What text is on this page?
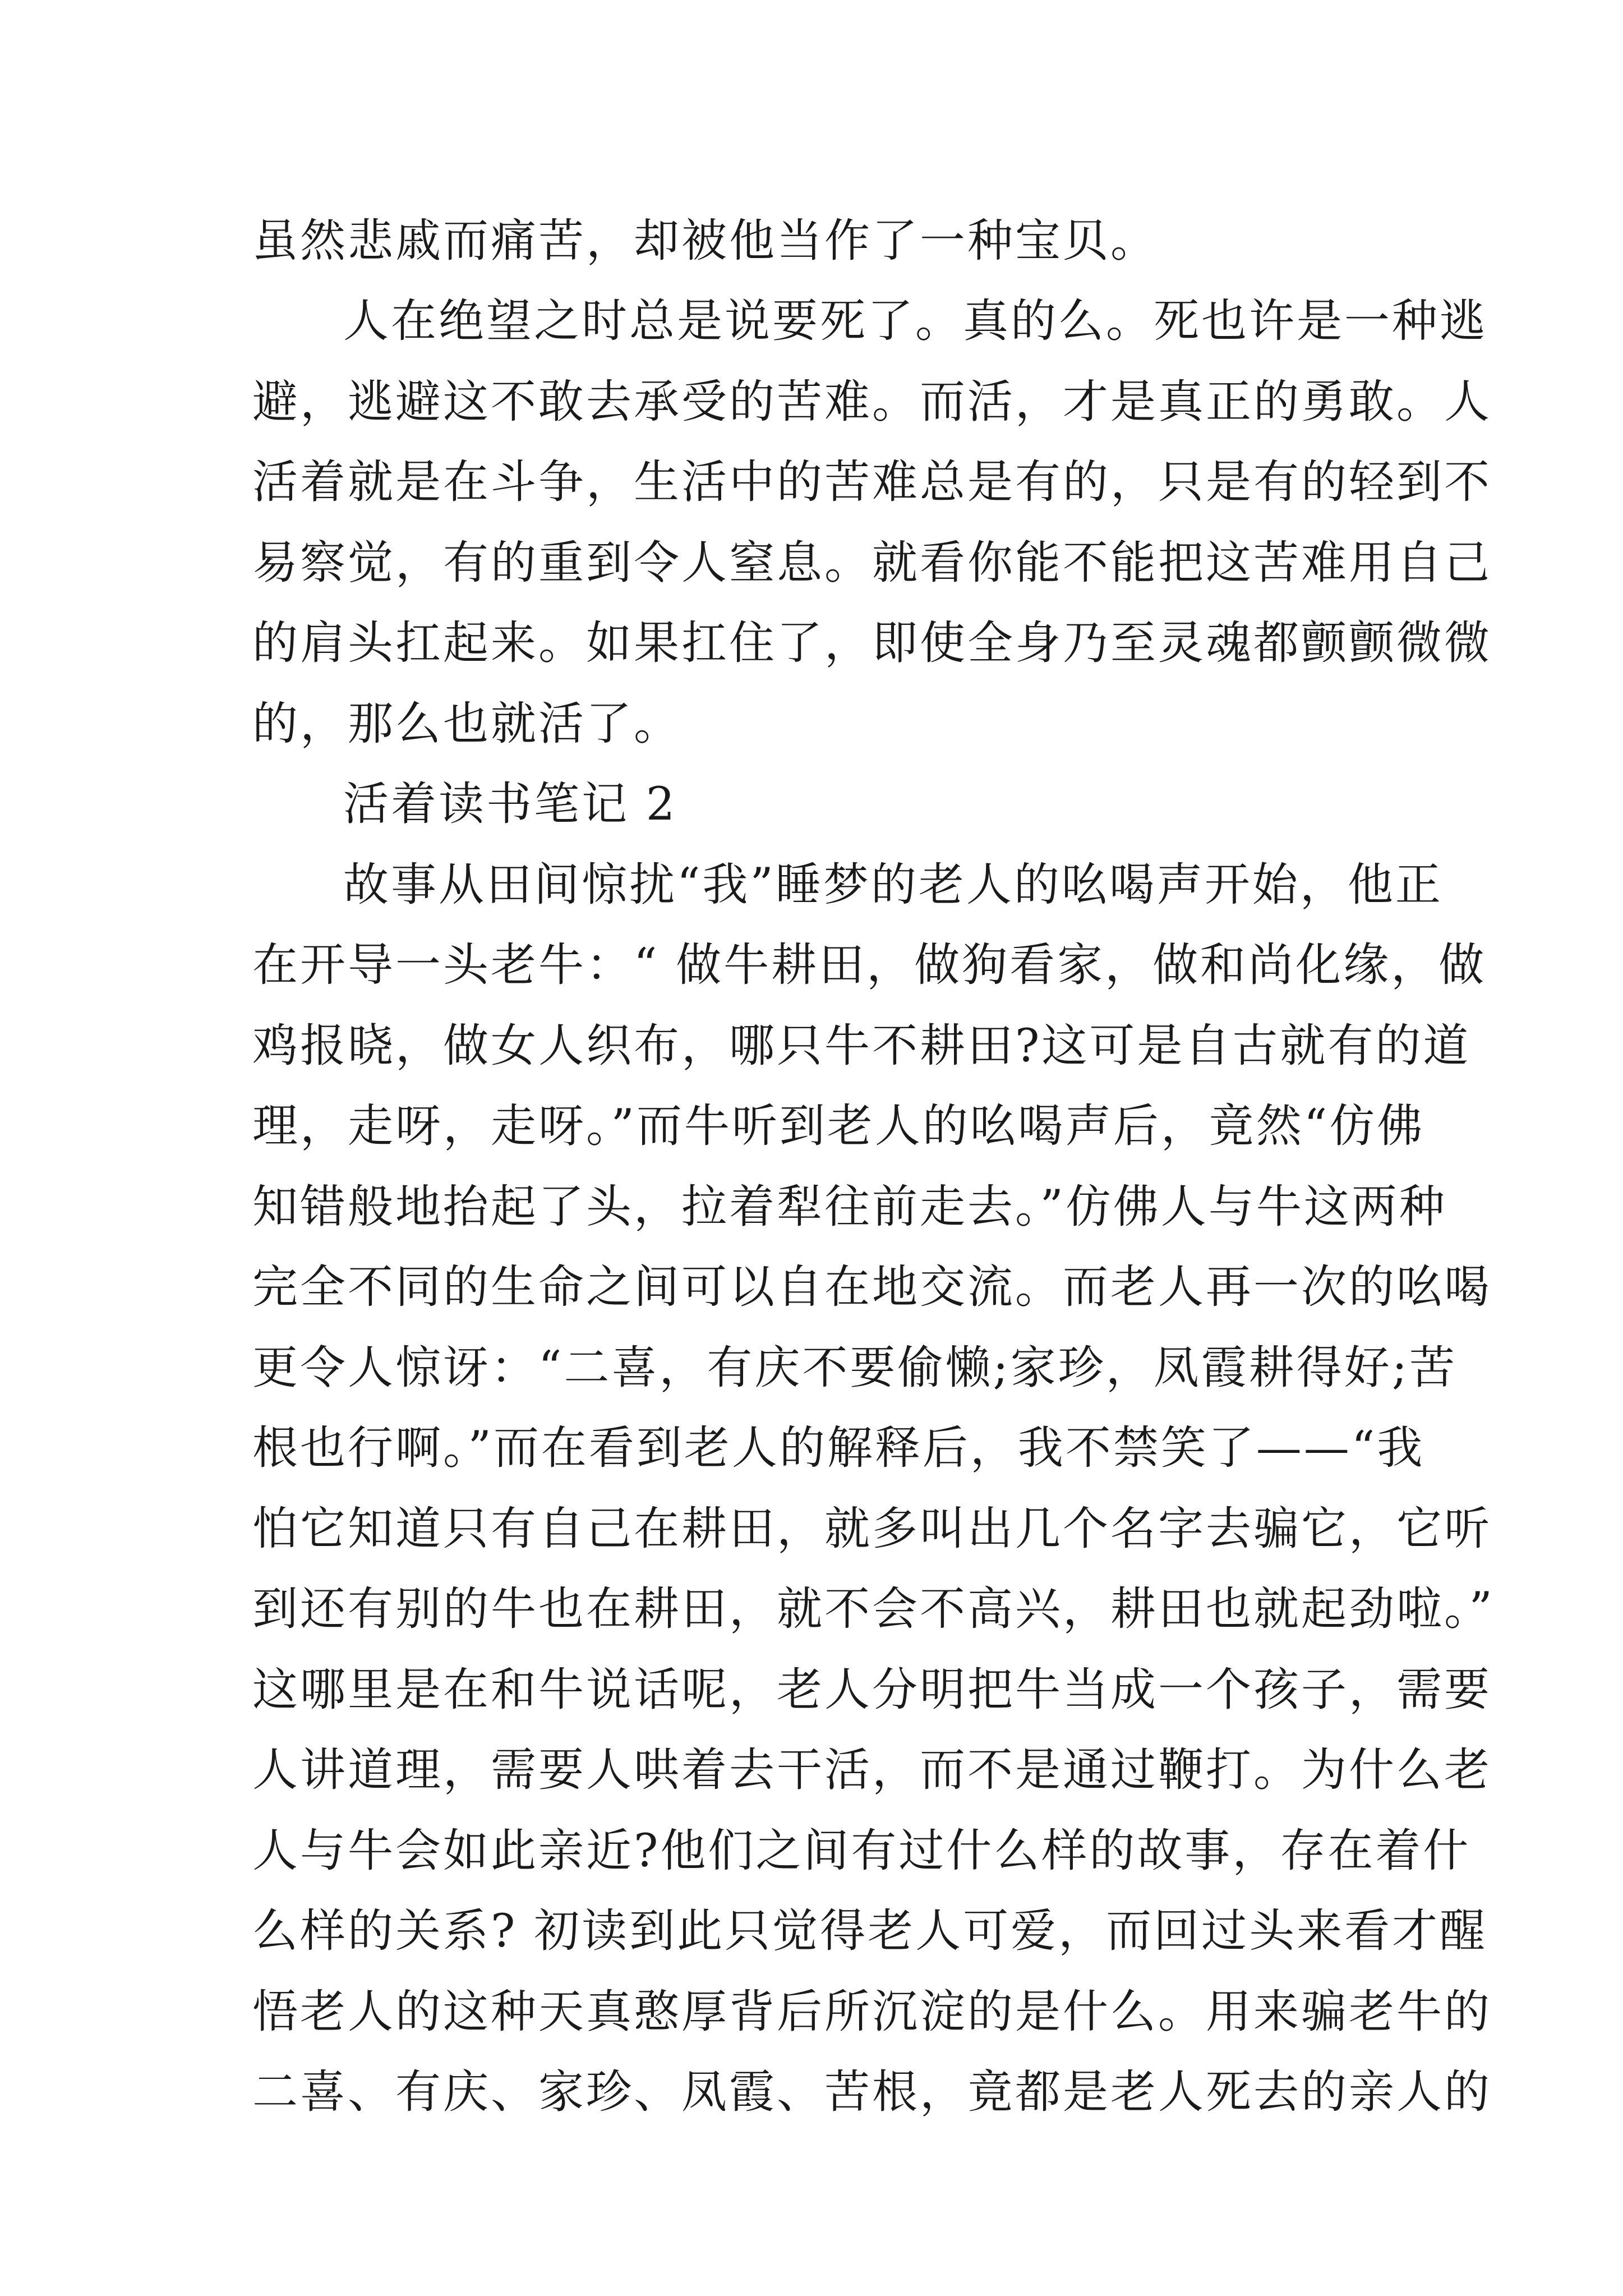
虽然悲戚而痛苦，却被他当作了一种宝贝。
人在绝望之时总是说要死了。真的么。死也许是一种逃
避，逃避这不敢去承受的苦难。而活，才是真正的勇敢。人
活着就是在斗争，生活中的苦难总是有的，只是有的轻到不
易察觉，有的重到令人窒息。就看你能不能把这苦难用自己
的肩头扛起来。如果扛住了，即使全身乃至灵魂都颤颤微微
的，那么也就活了。
活着读书笔记 2
故事从田间惊扰“我”睡梦的老人的吆喝声开始，他正
在开导一头老牛：“ 做牛耕田，做狗看家，做和尚化缘，做
鸡报晓，做女人织布，哪只牛不耕田?这可是自古就有的道
理，走呀，走呀。”而牛听到老人的吆喝声后，竟然“仿佛
知错般地抬起了头，拉着犁往前走去。”仿佛人与牛这两种
完全不同的生命之间可以自在地交流。而老人再一次的吆喝
更令人惊讶：“二喜，有庆不要偷懒;家珍，凤霞耕得好;苦
根也行啊。”而在看到老人的解释后，我不禁笑了——“我
怕它知道只有自己在耕田，就多叫出几个名字去骗它，它听
到还有别的牛也在耕田，就不会不高兴，耕田也就起劲啦。”
这哪里是在和牛说话呢，老人分明把牛当成一个孩子，需要
人讲道理，需要人哄着去干活，而不是通过鞭打。为什么老
人与牛会如此亲近?他们之间有过什么样的故事，存在着什
么样的关系? 初读到此只觉得老人可爱，而回过头来看才醒
悟老人的这种天真憨厚背后所沉淀的是什么。用来骗老牛的
二喜、有庆、家珍、凤霞、苦根，竟都是老人死去的亲人的
